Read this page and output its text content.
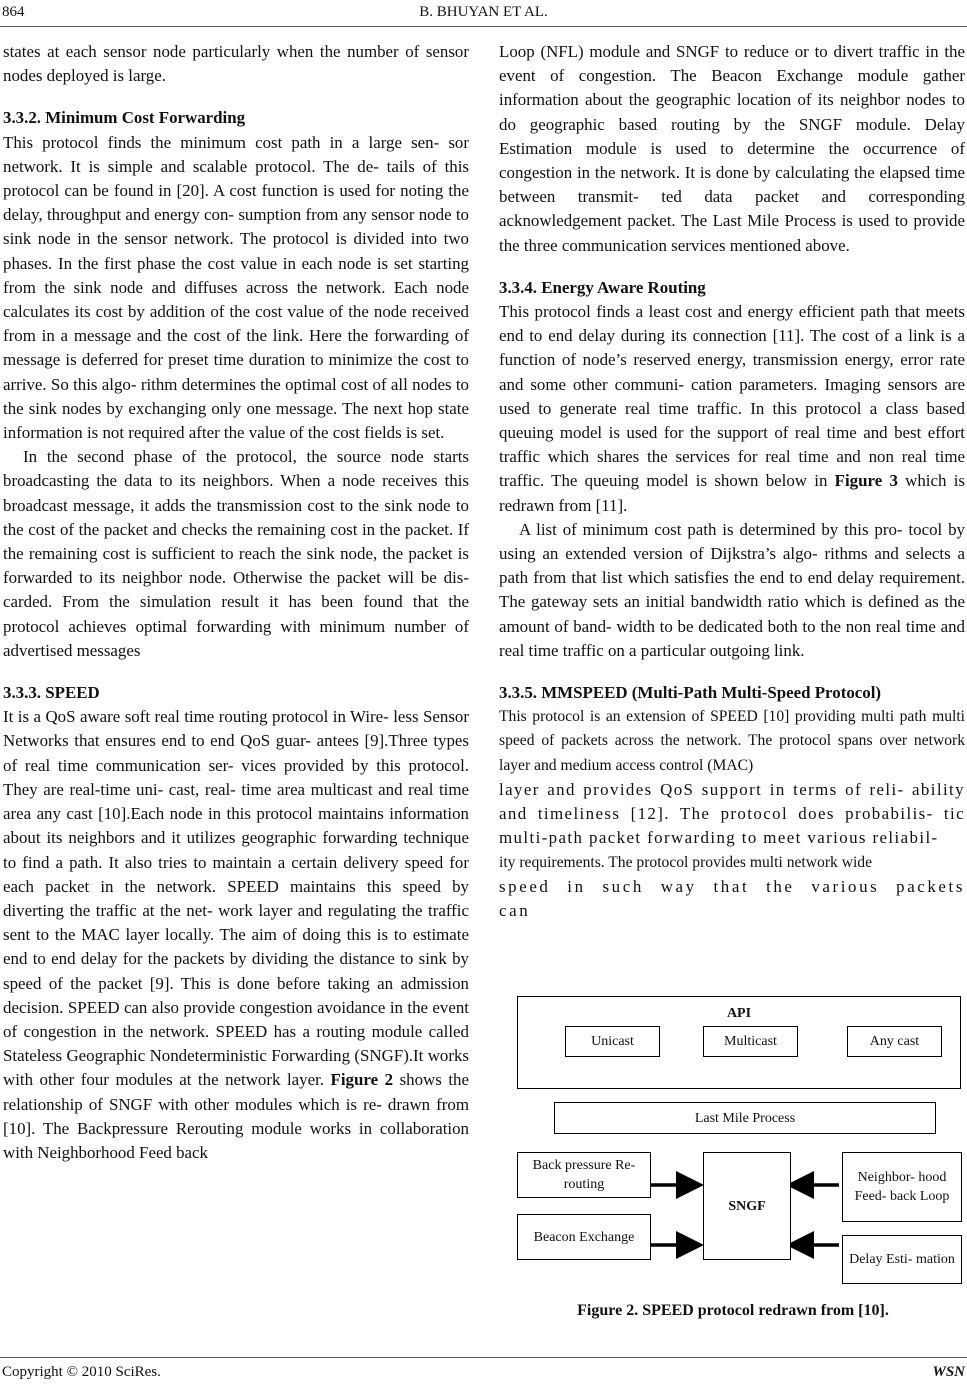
864	B. BHUYAN ET AL.

states at each sensor node particularly when the number of sensor nodes deployed is large.

3.3.2. Minimum Cost Forwarding

This protocol finds the minimum cost path in a large sen- sor network. It is simple and scalable protocol. The de- tails of this protocol can be found in [20]. A cost function is used for noting the delay, throughput and energy con- sumption from any sensor node to sink node in the sensor network. The protocol is divided into two phases. In the first phase the cost value in each node is set starting from the sink node and diffuses across the network. Each node calculates its cost by addition of the cost value of the node received from in a message and the cost of the link. Here the forwarding of message is deferred for preset time duration to minimize the cost to arrive. So this algo- rithm determines the optimal cost of all nodes to the sink nodes by exchanging only one message. The next hop state information is not required after the value of the cost fields is set.

In the second phase of the protocol, the source node starts broadcasting the data to its neighbors. When a node receives this broadcast message, it adds the transmission cost to the sink node to the cost of the packet and checks the remaining cost in the packet. If the remaining cost is sufficient to reach the sink node, the packet is forwarded to its neighbor node. Otherwise the packet will be dis- carded. From the simulation result it has been found that the protocol achieves optimal forwarding with minimum number of advertised messages

3.3.3. SPEED

It is a QoS aware soft real time routing protocol in Wire- less Sensor Networks that ensures end to end QoS guar- antees [9].Three types of real time communication ser- vices provided by this protocol. They are real-time uni- cast, real- time area multicast and real time area any cast [10].Each node in this protocol maintains information about its neighbors and it utilizes geographic forwarding technique to find a path. It also tries to maintain a certain delivery speed for each packet in the network. SPEED maintains this speed by diverting the traffic at the net- work layer and regulating the traffic sent to the MAC layer locally. The aim of doing this is to estimate end to end delay for the packets by dividing the distance to sink by speed of the packet [9]. This is done before taking an admission decision. SPEED can also provide congestion avoidance in the event of congestion in the network. SPEED has a routing module called Stateless Geographic Nondeterministic Forwarding (SNGF).It works with other four modules at the network layer. Figure 2 shows the relationship of SNGF with other modules which is re- drawn from [10]. The Backpressure Rerouting module works in collaboration with Neighborhood Feed back

Loop (NFL) module and SNGF to reduce or to divert traffic in the event of congestion. The Beacon Exchange module gather information about the geographic location of its neighbor nodes to do geographic based routing by the SNGF module. Delay Estimation module is used to determine the occurrence of congestion in the network. It is done by calculating the elapsed time between transmit- ted data packet and corresponding acknowledgement packet. The Last Mile Process is used to provide the three communication services mentioned above.

3.3.4. Energy Aware Routing

This protocol finds a least cost and energy efficient path that meets end to end delay during its connection [11]. The cost of a link is a function of node’s reserved energy, transmission energy, error rate and some other communi- cation parameters. Imaging sensors are used to generate real time traffic. In this protocol a class based queuing model is used for the support of real time and best effort traffic which shares the services for real time and non real time traffic. The queuing model is shown below in Figure 3 which is redrawn from [11].

A list of minimum cost path is determined by this pro- tocol by using an extended version of Dijkstra’s algo- rithms and selects a path from that list which satisfies the end to end delay requirement. The gateway sets an initial bandwidth ratio which is defined as the amount of band- width to be dedicated both to the non real time and real time traffic on a particular outgoing link.

3.3.5. MMSPEED (Multi-Path Multi-Speed Protocol)

This protocol is an extension of SPEED [10] providing multi path multi speed of packets across the network. The protocol spans over network layer and medium access control (MAC)

layer and provides QoS support in terms of reli- ability and timeliness [12]. The protocol does probabilis- tic multi-path packet forwarding to meet various reliabil-

ity requirements. The protocol provides multi network wide

speed in such way that the various packets can

API
Unicast	Multicast	Any cast
Last Mile Process
Back pressure Re- routing
Beacon Exchange
SNGF
Neighbor- hood Feed- back Loop
Delay Esti- mation
Figure 2. SPEED protocol redrawn from [10].
Copyright © 2010 SciRes.	WSN
